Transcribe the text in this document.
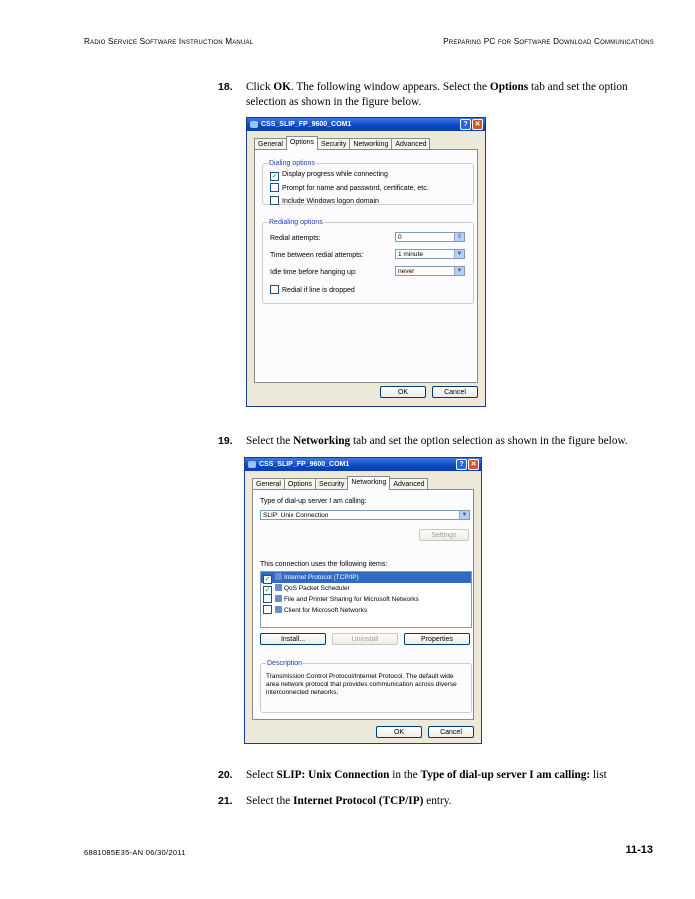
Radio Service Software Instruction Manual	Preparing PC for Software Download Communications
18. Click OK. The following window appears. Select the Options tab and set the option selection as shown in the figure below.
CSS_SLIP_FP_9600_COM1	? ✕
General	Options	Security	Networking	Advanced
Dialing options
✓ Display progress while connecting
Prompt for name and password, certificate, etc.
Include Windows logon domain
Redialing options
Redial attempts:	0	⇕
Time between redial attempts:	1 minute	▼
Idle time before hanging up:	never	▼
Redial if line is dropped
OK	Cancel
19. Select the Networking tab and set the option selection as shown in the figure below.
CSS_SLIP_FP_9600_COM1	? ✕
General	Options	Security	Networking	Advanced
Type of dial-up server I am calling:
SLIP: Unix Connection	▼
Settings
This connection uses the following items:
✓ Internet Protocol (TCP/IP)
✓ QoS Packet Scheduler
File and Printer Sharing for Microsoft Networks
Client for Microsoft Networks
Install...	Uninstall	Properties
Description
Transmission Control Protocol/Internet Protocol. The default wide area network protocol that provides communication across diverse interconnected networks.
OK	Cancel
20. Select SLIP: Unix Connection in the Type of dial-up server I am calling: list
21. Select the Internet Protocol (TCP/IP) entry.
6881085E35-AN 06/30/2011	11-13
